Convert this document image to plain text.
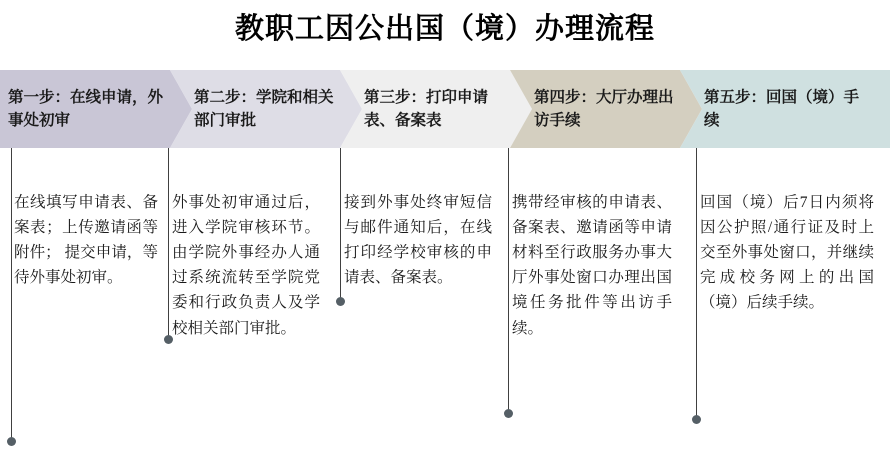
教职工因公出国（境）办理流程
第一步：在线申请，外事处初审
第二步：学院和相关部门审批
第三步：打印申请表、备案表
第四步：大厅办理出访手续
第五步：回国（境）手续
在线填写申请表、备案表；上传邀请函等附件； 提交申请，等待外事处初审。
外事处初审通过后，进入学院审核环节。由学院外事经办人通过系统流转至学院党委和行政负责人及学校相关部门审批。
接到外事处终审短信与邮件通知后，在线打印经学校审核的申请表、备案表。
携带经审核的申请表、备案表、邀请函等申请材料至行政服务办事大厅外事处窗口办理出国境任务批件等出访手续。
回国（境）后7日内须将因公护照/通行证及时上交至外事处窗口，并继续完成校务网上的出国（境）后续手续。
